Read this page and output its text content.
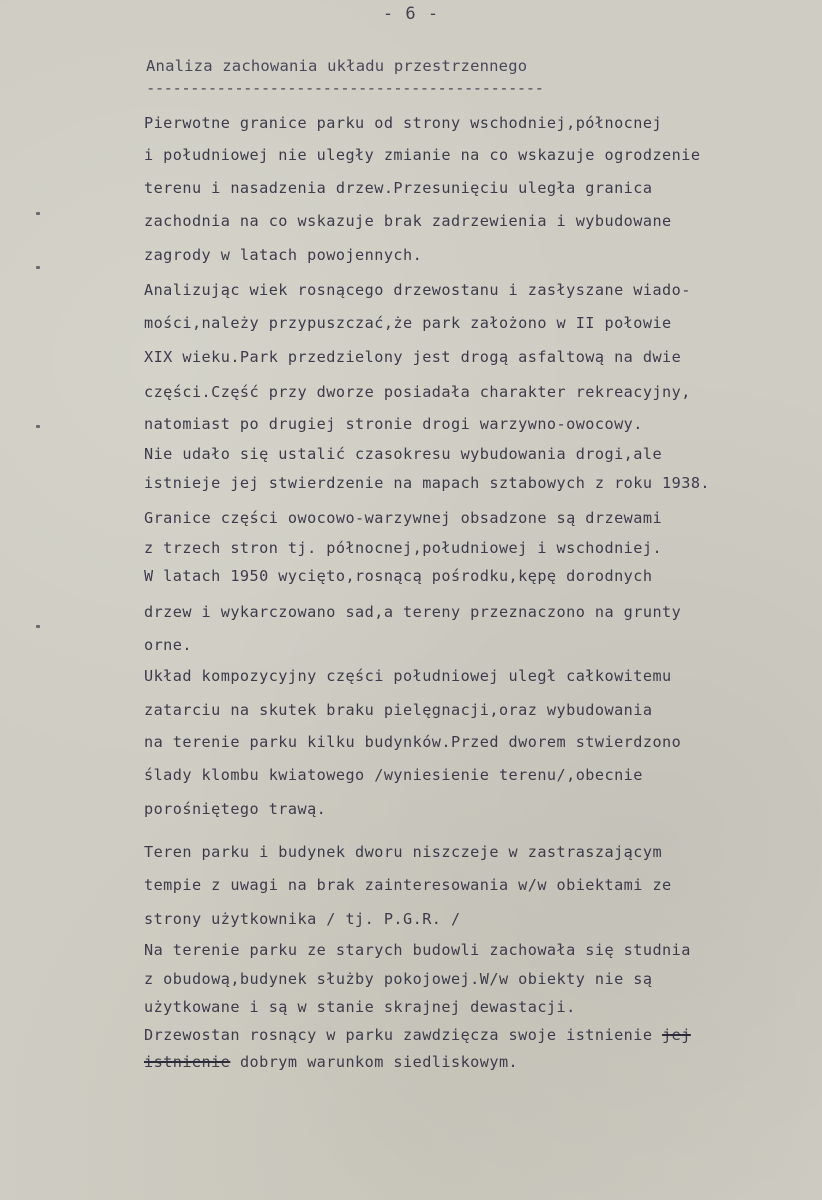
- 6 -
Analiza zachowania układu przestrzennego
---------------------------------------------
Pierwotne granice parku od strony wschodniej,północnej
i południowej nie uległy zmianie na co wskazuje ogrodzenie
terenu i nasadzenia drzew.Przesunięciu uległa granica
zachodnia na co wskazuje brak zadrzewienia i wybudowane
zagrody w latach powojennych.
Analizując wiek rosnącego drzewostanu i zasłyszane wiado-
mości,należy przypuszczać,że park założono w II połowie
XIX wieku.Park przedzielony jest drogą asfaltową na dwie
części.Część przy dworze posiadała charakter rekreacyjny,
natomiast po drugiej stronie drogi warzywno-owocowy.
Nie udało się ustalić czasokresu wybudowania drogi,ale
istnieje jej stwierdzenie na mapach sztabowych z roku 1938.
Granice części owocowo-warzywnej obsadzone są drzewami
z trzech stron tj. północnej,południowej i wschodniej.
W latach 1950 wycięto,rosnącą pośrodku,kępę dorodnych
drzew i wykarczowano sad,a tereny przeznaczono na grunty
orne.
Układ kompozycyjny części południowej uległ całkowitemu
zatarciu na skutek braku pielęgnacji,oraz wybudowania
na terenie parku kilku budynków.Przed dworem stwierdzono
ślady klombu kwiatowego /wyniesienie terenu/,obecnie
porośniętego trawą.
Teren parku i budynek dworu niszczeje w zastraszającym
tempie z uwagi na brak zainteresowania w/w obiektami ze
strony użytkownika / tj. P.G.R. /
Na terenie parku ze starych budowli zachowała się studnia
z obudową,budynek służby pokojowej.W/w obiekty nie są
użytkowane i są w stanie skrajnej dewastacji.
Drzewostan rosnący w parku zawdzięcza swoje istnienie jej
istnienie dobrym warunkom siedliskowym.
